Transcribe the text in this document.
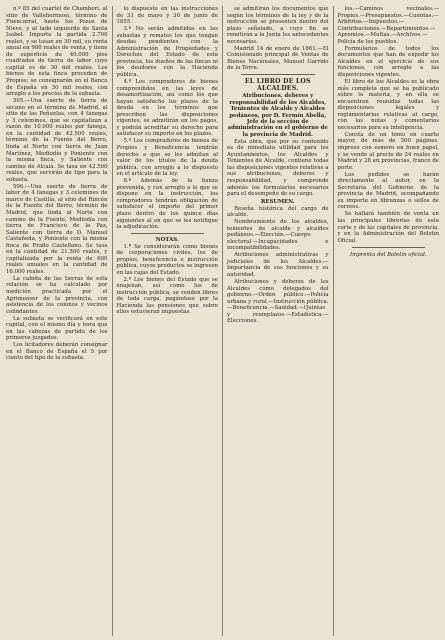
n.º 85 del cuartel de Chamberí, al sitio de Vallehermoso, término de Fuencarral, hasta los Pozos de Nieve, y al lado izquierdo de Santa Isabel. Importa la partida 2.700 reales, y se tasan en 30 mil, su renta anual en 900 reales de venta, y tiene de superficie de 40.000 pies cuadrados de tierra de labor cuyo capital es de 30 mil reales. Los bienes de esta finca proceden de Propios; se consignarán en el Banco de España en 30 mil reales, con arreglo a los precios de la subasta.

505.—Una suerte de tierra de secano en el término de Madrid, al sitio de las Peñuelas, con 4 fanegas y 3 celemines, que se capitalizan a razón de 10.000 reales por fanega, en la cantidad de 42.500 reales, término de la Fuente del Berro, linda al Norte con tierra de Juan Martínez, Mediodía y Poniente con la misma finca, y Saliente con camino de Alcalá. Se tasa en 42.500 reales, que servirán de tipo para la subasta.

506.—Una suerte de tierra de labor de 4 fanegas y 3 celemines de marco de Castilla, al sitio del Rincón de la Fuente del Berro, término de Madrid, que linda al Norte con camino de la Fuente, Mediodía con tierra de Francisco de la Paz, Saliente con tierra de D. Manuel Castañeda, y Poniente con la misma finca de Prado Castellano. Se tasa en la cantidad de 21.500 reales, y capitalizada por la renta de 600 reales anuales en la cantidad de 16.000 reales.

La cabida de las tierras de esta relación se ha calculado por medición practicada por el Agrimensor de la provincia, con asistencia de los colonos y vecinos colindantes.

La subasta se verificará en este capital, con el mismo día y hora que en las cabezas de partido de los primeros juzgados.

Los licitadores deberán consignar en el Banco de España el 5 por ciento del tipo de la subasta.

lo dispuesto en las instrucciones de 31 de mayo y 30 de junio de 1855.

3.º No serán admitidos en las subastas y remates los que tengan deudas pendientes con la Administración de Propiedades y Derechos del Estado de esta provincia, los dueños de las fincas ni los deudores con la Hacienda pública.

4.º Los compradores de bienes comprendidos en las leyes de desamortización, así como los que hayan satisfecho los plazos de la deuda en los términos que prescriben las disposiciones vigentes, se admitirán en los pagos, y podrán acreditar su derecho para satisfacer su importe en los plazos.

5.º Los compradores de bienes de Propios y Beneficencia tendrán derecho a que se les admitan al valor de los títulos de la deuda pública, con arreglo a lo dispuesto en el artículo de la ley.

6.º Además de la fianza prevenida, y con arreglo a lo que se dispone en la instrucción, los compradores tendrán obligación de satisfacer el importe del primer plazo dentro de los quince días siguientes al en que se les notifique la adjudicación.

NOTAS.

1.ª Se considerarán como bienes de corporaciones civiles, los de propios, beneficencia e instrucción pública, cuyos productos se ingresen en las cajas del Estado.

2.ª Los bienes del Estado que se enajenan, así como los de instrucción pública, se venden libres de toda carga, pagándose por la Hacienda las pensiones que sobre ellos estuvieran impuestas.

se admitirán los documentos que según los términos de la ley y de la instrucción se presenten dentro del plazo señalado, a cuyo fin se remitirán a la Junta los antecedentes necesarios.

Madrid 14 de enero de 1861.—El Comisionado principal de Ventas de Bienes Nacionales, Manuel Garrido de la Torre.

EL LIBRO DE LOS ALCALDES.
Atribuciones, deberes y responsabilidad de los Alcaldes, Tenientes de Alcalde y Alcaldes pedáneos, por D. Fermín Abella, Jefe de la sección de administración en el gobierno de la provincia de Madrid.

Esta obra, que por su contenido es de inmediata utilidad para los Ayuntamientos, los Alcaldes y Tenientes de Alcalde, contiene todas las disposiciones vigentes relativas a sus atribuciones, deberes y responsabilidad, y comprende además los formularios necesarios para el desempeño de su cargo.

RESUMEN.

Reseña histórica del cargo de alcalde.

Nombramiento de los alcaldes, tenientes de alcalde y alcaldes pedáneos.—Elección.—Cuerpo electoral.—Incapacidades e incompatibilidades.

Atribuciones administrativas y judiciales de los Alcaldes.—Importancia de sus funciones y su autoridad.

Atribuciones y deberes de los Alcaldes como delegados del gobierno.—Orden público.—Policía urbana y rural.—Instrucción pública.—Beneficencia.—Sanidad.—Quintas y reemplazos.—Estadística.—Elecciones.

los.—Caminos vecinales.—Propios.—Presupuestos.—Cuentas.—Arbitrios.—Impuestos.—Contribuciones.—Repartimientos.—Apremios.—Multas.—Archivos.—Policía de los pueblos.

Formularios de todos los documentos que han de expedir los Alcaldes en el ejercicio de sus funciones, con arreglo a las disposiciones vigentes.

El libro de los Alcaldes es la obra más completa que se ha publicado sobre la materia, y en ella se encuentran reunidas todas las disposiciones legales y reglamentarias relativas al cargo, con las notas y comentarios necesarios para su inteligencia.

Consta de un tomo en cuarto mayor, de más de 500 páginas, impreso con esmero en buen papel, y se vende al precio de 24 reales en Madrid y 28 en provincias, franco de porte.

Los pedidos se harán directamente al autor, en la Secretaría del Gobierno de la provincia de Madrid, acompañando su importe en libranzas o sellos de correos.

Se hallará también de venta en las principales librerías de esta corte y de las capitales de provincia, y en la Administración del Boletín Oficial.

Imprenta del Boletín oficial.
